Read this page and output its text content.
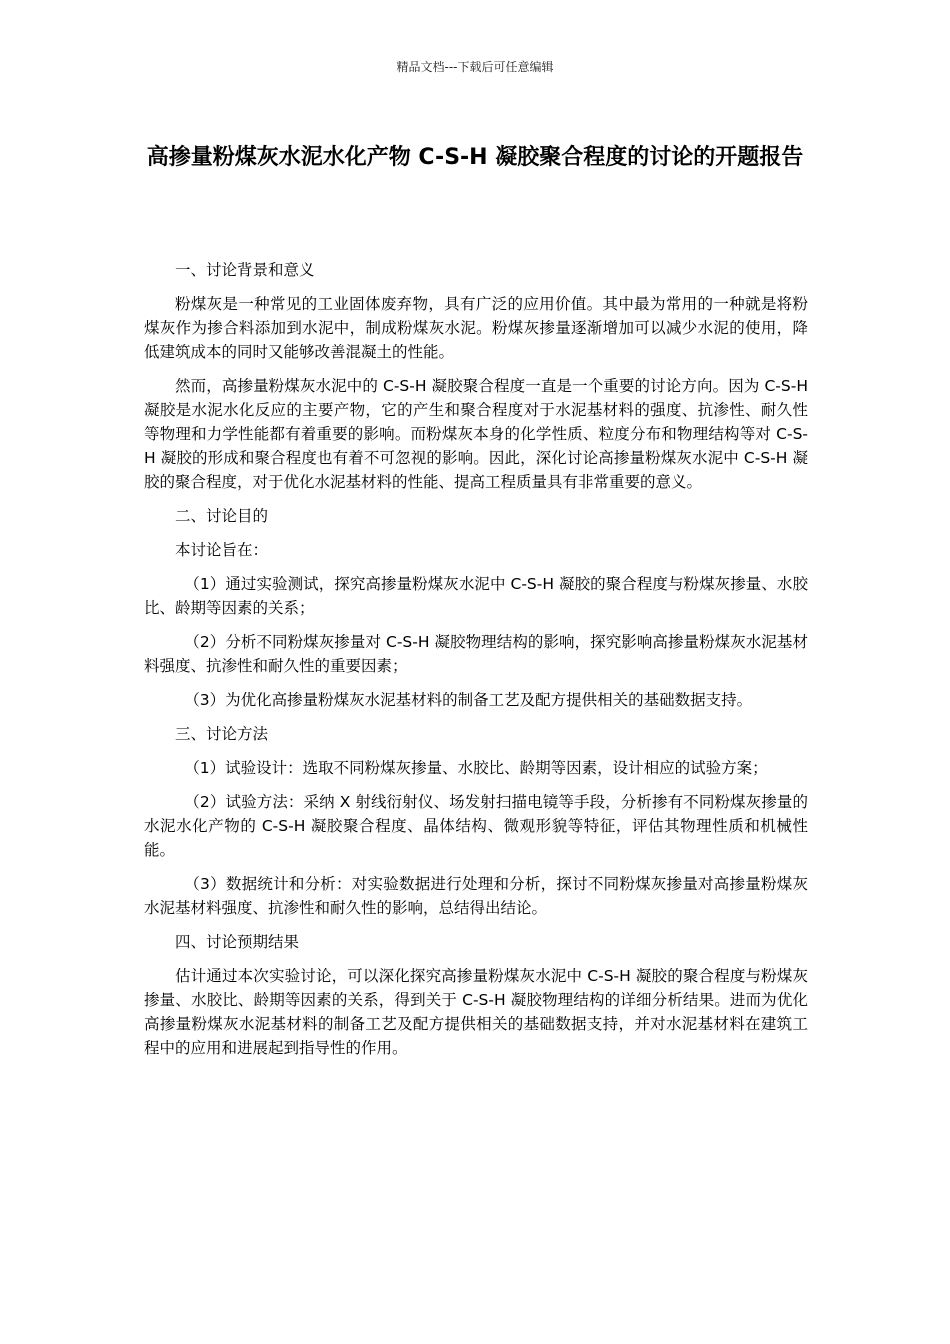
精品文档---下载后可任意编辑
高掺量粉煤灰水泥水化产物 C-S-H 凝胶聚合程度的讨论的开题报告

一、讨论背景和意义

粉煤灰是一种常见的工业固体废弃物，具有广泛的应用价值。其中最为常用的一种就是将粉煤灰作为掺合料添加到水泥中，制成粉煤灰水泥。粉煤灰掺量逐渐增加可以减少水泥的使用，降低建筑成本的同时又能够改善混凝土的性能。

然而，高掺量粉煤灰水泥中的 C-S-H 凝胶聚合程度一直是一个重要的讨论方向。因为 C-S-H 凝胶是水泥水化反应的主要产物，它的产生和聚合程度对于水泥基材料的强度、抗渗性、耐久性等物理和力学性能都有着重要的影响。而粉煤灰本身的化学性质、粒度分布和物理结构等对 C-S-H 凝胶的形成和聚合程度也有着不可忽视的影响。因此，深化讨论高掺量粉煤灰水泥中 C-S-H 凝胶的聚合程度，对于优化水泥基材料的性能、提高工程质量具有非常重要的意义。

二、讨论目的

本讨论旨在：

（1）通过实验测试，探究高掺量粉煤灰水泥中 C-S-H 凝胶的聚合程度与粉煤灰掺量、水胶比、龄期等因素的关系；

（2）分析不同粉煤灰掺量对 C-S-H 凝胶物理结构的影响，探究影响高掺量粉煤灰水泥基材料强度、抗渗性和耐久性的重要因素；

（3）为优化高掺量粉煤灰水泥基材料的制备工艺及配方提供相关的基础数据支持。

三、讨论方法

（1）试验设计：选取不同粉煤灰掺量、水胶比、龄期等因素，设计相应的试验方案；

（2）试验方法：采纳 X 射线衍射仪、场发射扫描电镜等手段，分析掺有不同粉煤灰掺量的水泥水化产物的 C-S-H 凝胶聚合程度、晶体结构、微观形貌等特征，评估其物理性质和机械性能。

（3）数据统计和分析：对实验数据进行处理和分析，探讨不同粉煤灰掺量对高掺量粉煤灰水泥基材料强度、抗渗性和耐久性的影响，总结得出结论。

四、讨论预期结果

估计通过本次实验讨论，可以深化探究高掺量粉煤灰水泥中 C-S-H 凝胶的聚合程度与粉煤灰掺量、水胶比、龄期等因素的关系，得到关于 C-S-H 凝胶物理结构的详细分析结果。进而为优化高掺量粉煤灰水泥基材料的制备工艺及配方提供相关的基础数据支持，并对水泥基材料在建筑工程中的应用和进展起到指导性的作用。
